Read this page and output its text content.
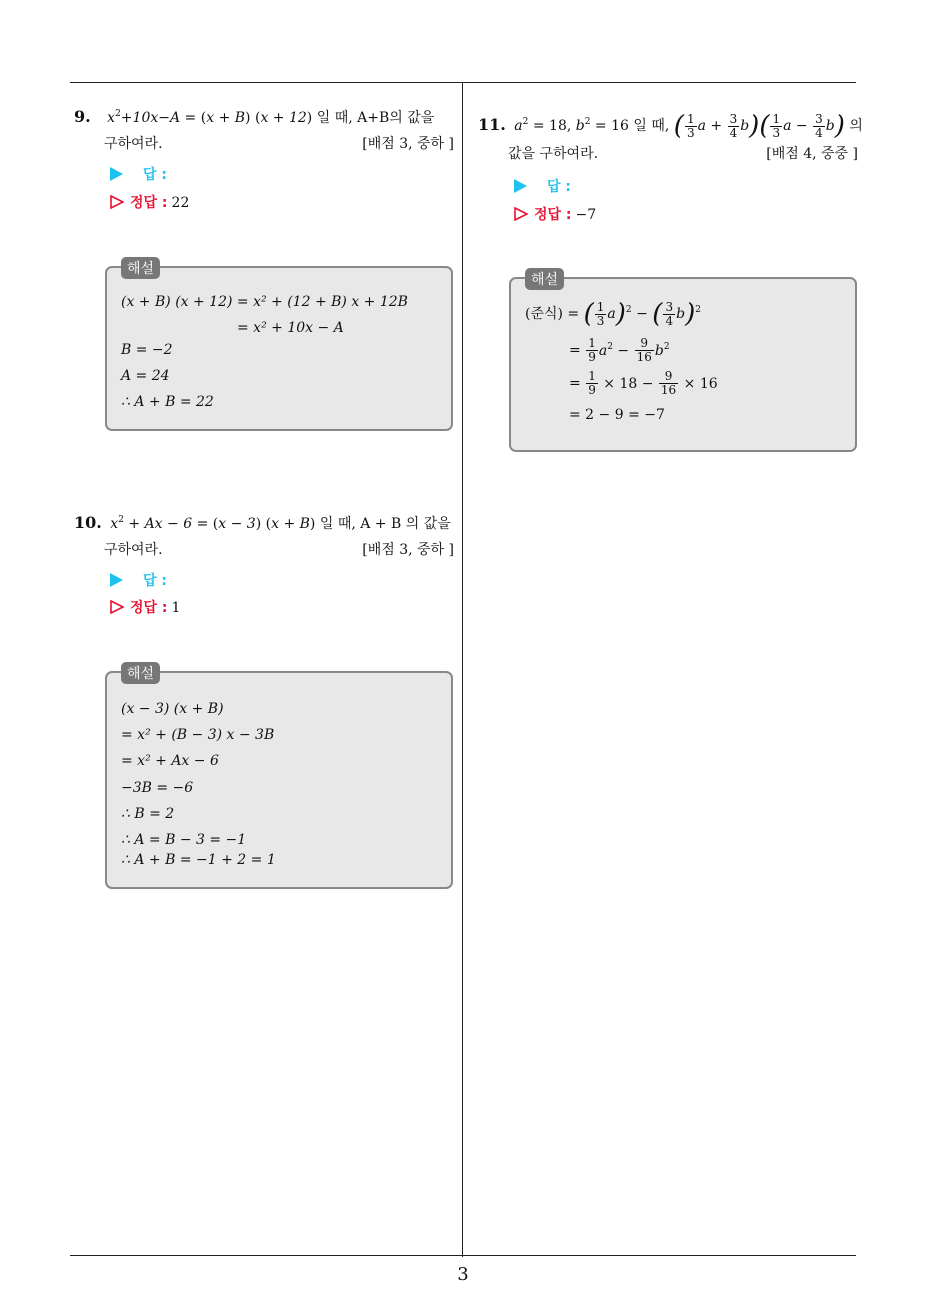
9. $x^2+10x-A = (x + B) (x + 12)$ 일 때, A+B의 값을
구하여라.	[배점 3, 중하 ]
답 :
정답 : 22
해설
(x + B) (x + 12) = x² + (12 + B) x + 12B
= x² + 10x − A
B = −2
A = 24
∴ A + B = 22
10. $x^2 + Ax - 6 = (x - 3) (x + B)$ 일 때, A + B 의 값을
구하여라.	[배점 3, 중하 ]
답 :
정답 : 1
해설
(x − 3) (x + B)
= x² + (B − 3) x − 3B
= x² + Ax − 6
−3B = −6
∴ B = 2
∴ A = B − 3 = −1
∴ A + B = −1 + 2 = 1
11. $a^2 = 18$, $b^2 = 16$ 일 때, ( $\frac{1}{3}$ $a + \frac{3}{4} b)( \frac{1}{3}$ $a - \frac{3}{4} b$) 의
값을 구하여라.	[배점 4, 중중 ]
답 :
정답 : −7
해설
(준식) = ( $\frac{1}{3} a)^2$ − ( $\frac{3}{4} b)^2$
= $\frac{1}{9} a^2 - \frac{9}{16} b^2$
= $\frac{1}{9} \times 18 - \frac{9}{16} \times 16$
= 2 − 9 = −7
3
